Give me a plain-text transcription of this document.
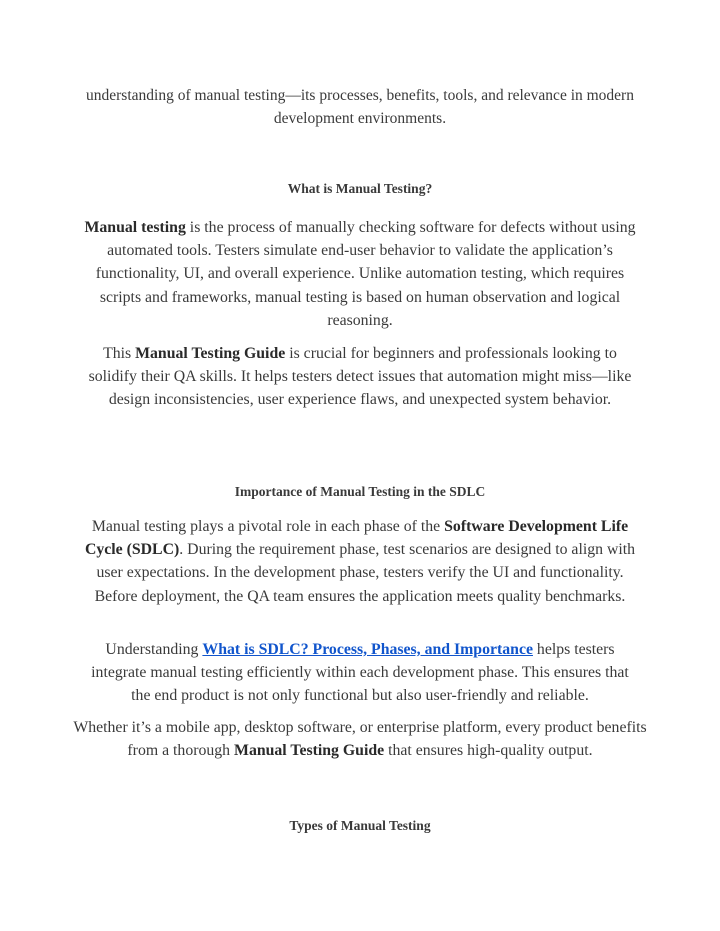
understanding of manual testing—its processes, benefits, tools, and relevance in modern development environments.

What is Manual Testing?

Manual testing is the process of manually checking software for defects without using automated tools. Testers simulate end-user behavior to validate the application’s functionality, UI, and overall experience. Unlike automation testing, which requires scripts and frameworks, manual testing is based on human observation and logical reasoning.

This Manual Testing Guide is crucial for beginners and professionals looking to solidify their QA skills. It helps testers detect issues that automation might miss—like design inconsistencies, user experience flaws, and unexpected system behavior.

Importance of Manual Testing in the SDLC

Manual testing plays a pivotal role in each phase of the Software Development Life Cycle (SDLC). During the requirement phase, test scenarios are designed to align with user expectations. In the development phase, testers verify the UI and functionality. Before deployment, the QA team ensures the application meets quality benchmarks.

Understanding What is SDLC? Process, Phases, and Importance helps testers integrate manual testing efficiently within each development phase. This ensures that the end product is not only functional but also user-friendly and reliable.

Whether it’s a mobile app, desktop software, or enterprise platform, every product benefits from a thorough Manual Testing Guide that ensures high-quality output.

Types of Manual Testing
